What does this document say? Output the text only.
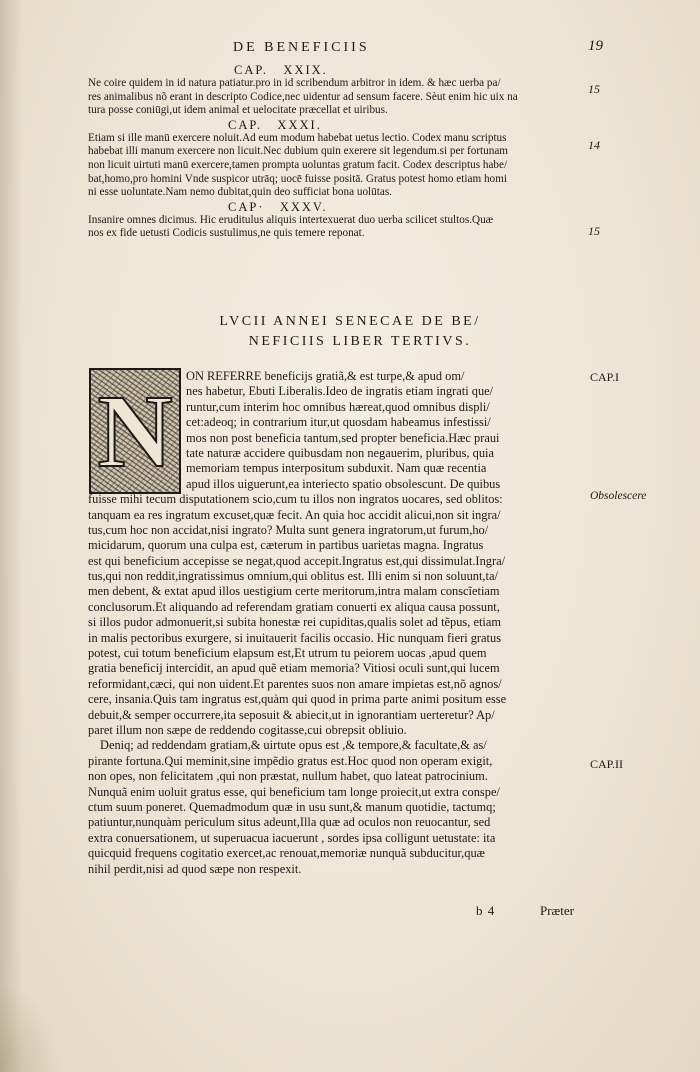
DE BENEFICIIS	19
CAP.   XXIX.
Ne coire quidem in id natura patiatur.pro in id scribendum arbitror in idem. & hæc uerba pa/
res animalibus nõ erant in descripto Codice,nec uidentur ad sensum facere. Sèut enim hic uix na
tura posse coniūgi,ut idem animal et uelocitate præcellat et uiribus.
CAP.   XXXI.
Etiam si ille manū exercere noluit.Ad eum modum habebat uetus lectio. Codex manu scriptus
habebat illi manum exercere non licuit.Nec dubium quin exerere sit legendum.si per fortunam
non licuit uirtuti manū exercere,tamen prompta uoluntas gratum facit. Codex descriptus habe/
bat,homo,pro homini Vnde suspicor utrāq; uocē fuisse positā. Gratus potest homo etiam homi
ni esse uoluntate.Nam nemo dubitat,quin deo sufficiat bona uolūtas.
CAP·   XXXV.
Insanire omnes dicimus. Hic eruditulus aliquis intertexuerat duo uerba scilicet stultos.Quæ
nos ex fide uetusti Codicis sustulimus,ne quis temere reponat.
15
14
15
LVCII ANNEI SENECAE DE BE/
NEFICIIS LIBER TERTIVS.
N	ON REFERRE beneficijs gratiã,& est turpe,& apud om/
nes habetur, Ebuti Liberalis.Ideo de ingratis etiam ingrati que/
runtur,cum interim hoc omnibus hæreat,quod omnibus displi/
cet:adeoq; in contrarium itur,ut quosdam habeamus infestissi/
mos non post beneficia tantum,sed propter beneficia.Hæc praui
tate naturæ accidere quibusdam non negauerim, pluribus, quia
memoriam tempus interpositum subduxit. Nam quæ recentia
apud illos uiguerunt,ea interiecto spatio obsolescunt. De quibus
fuisse mihi tecum disputationem scio,cum tu illos non ingratos uocares, sed oblitos:
tanquam ea res ingratum excuset,quæ fecit. An quia hoc accidit alicui,non sit ingra/
tus,cum hoc non accidat,nisi ingrato? Multa sunt genera ingratorum,ut furum,ho/
micidarum, quorum una culpa est, cæterum in partibus uarietas magna. Ingratus
est qui beneficium accepisse se negat,quod accepit.Ingratus est,qui dissimulat.Ingra/
tus,qui non reddit,ingratissimus omnium,qui oblitus est. Illi enim si non soluunt,ta/
men debent, & extat apud illos uestigium certe meritorum,intra malam conscĩetiam
conclusorum.Et aliquando ad referendam gratiam conuerti ex aliqua causa possunt,
si illos pudor admonuerit,si subita honestæ rei cupiditas,qualis solet ad tẽpus, etiam
in malis pectoribus exurgere, si inuitauerit facilis occasio. Hic nunquam fieri gratus
potest, cui totum beneficium elapsum est,Et utrum tu peiorem uocas ,apud quem
gratia beneficij intercidit, an apud quẽ etiam memoria? Vitiosi oculi sunt,qui lucem
reformidant,cæci, qui non uident.Et parentes suos non amare impietas est,nõ agnos/
cere, insania.Quis tam ingratus est,quàm qui quod in prima parte animi positum esse
debuit,& semper occurrere,ita seposuit & abiecit,ut in ignorantiam uerteretur? Ap/
paret illum non sæpe de reddendo cogitasse,cui obrepsit obliuio.
Deniq; ad reddendam gratiam,& uirtute opus est ,& tempore,& facultate,& as/
pirante fortuna.Qui meminit,sine impẽdio gratus est.Hoc quod non operam exigit,
non opes, non felicitatem ,qui non præstat, nullum habet, quo lateat patrocinium.
Nunquã enim uoluit gratus esse, qui beneficium tam longe proiecit,ut extra conspe/
ctum suum poneret. Quemadmodum quæ in usu sunt,& manum quotidie, tactumq;
patiuntur,nunquàm periculum situs adeunt,Illa quæ ad oculos non reuocantur, sed
extra conuersationem, ut superuacua iacuerunt , sordes ipsa colligunt uetustate: ita
quicquid frequens cogitatio exercet,ac renouat,memoriæ nunquã subducitur,quæ
nihil perdit,nisi ad quod sæpe non respexit.
CAP.I
Obsolescere
CAP.II
b 4	Præter
